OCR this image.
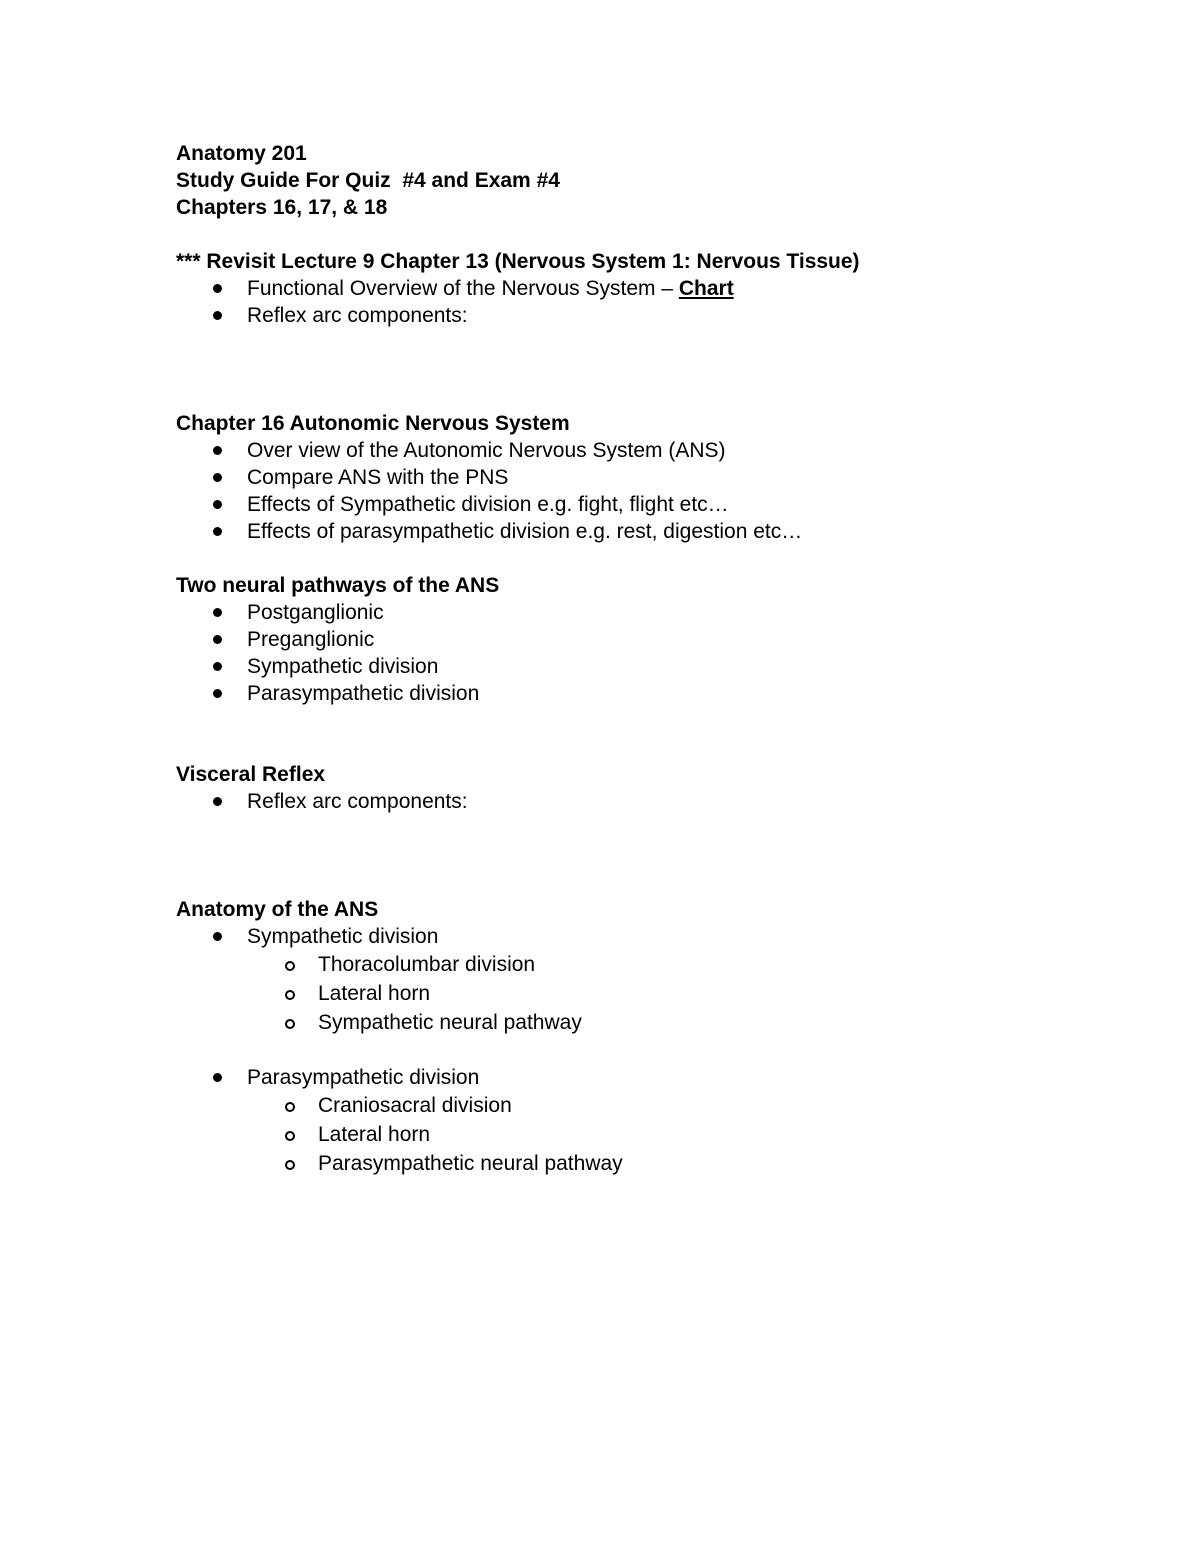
Anatomy 201
Study Guide For Quiz  #4 and Exam #4
Chapters 16, 17, & 18
*** Revisit Lecture 9 Chapter 13 (Nervous System 1: Nervous Tissue)
Functional Overview of the Nervous System – Chart
Reflex arc components:
Chapter 16 Autonomic Nervous System
Over view of the Autonomic Nervous System (ANS)
Compare ANS with the PNS
Effects of Sympathetic division e.g. fight, flight etc…
Effects of parasympathetic division e.g. rest, digestion etc…
Two neural pathways of the ANS
Postganglionic
Preganglionic
Sympathetic division
Parasympathetic division
Visceral Reflex
Reflex arc components:
Anatomy of the ANS
Sympathetic division
Thoracolumbar division
Lateral horn
Sympathetic neural pathway
Parasympathetic division
Craniosacral division
Lateral horn
Parasympathetic neural pathway
